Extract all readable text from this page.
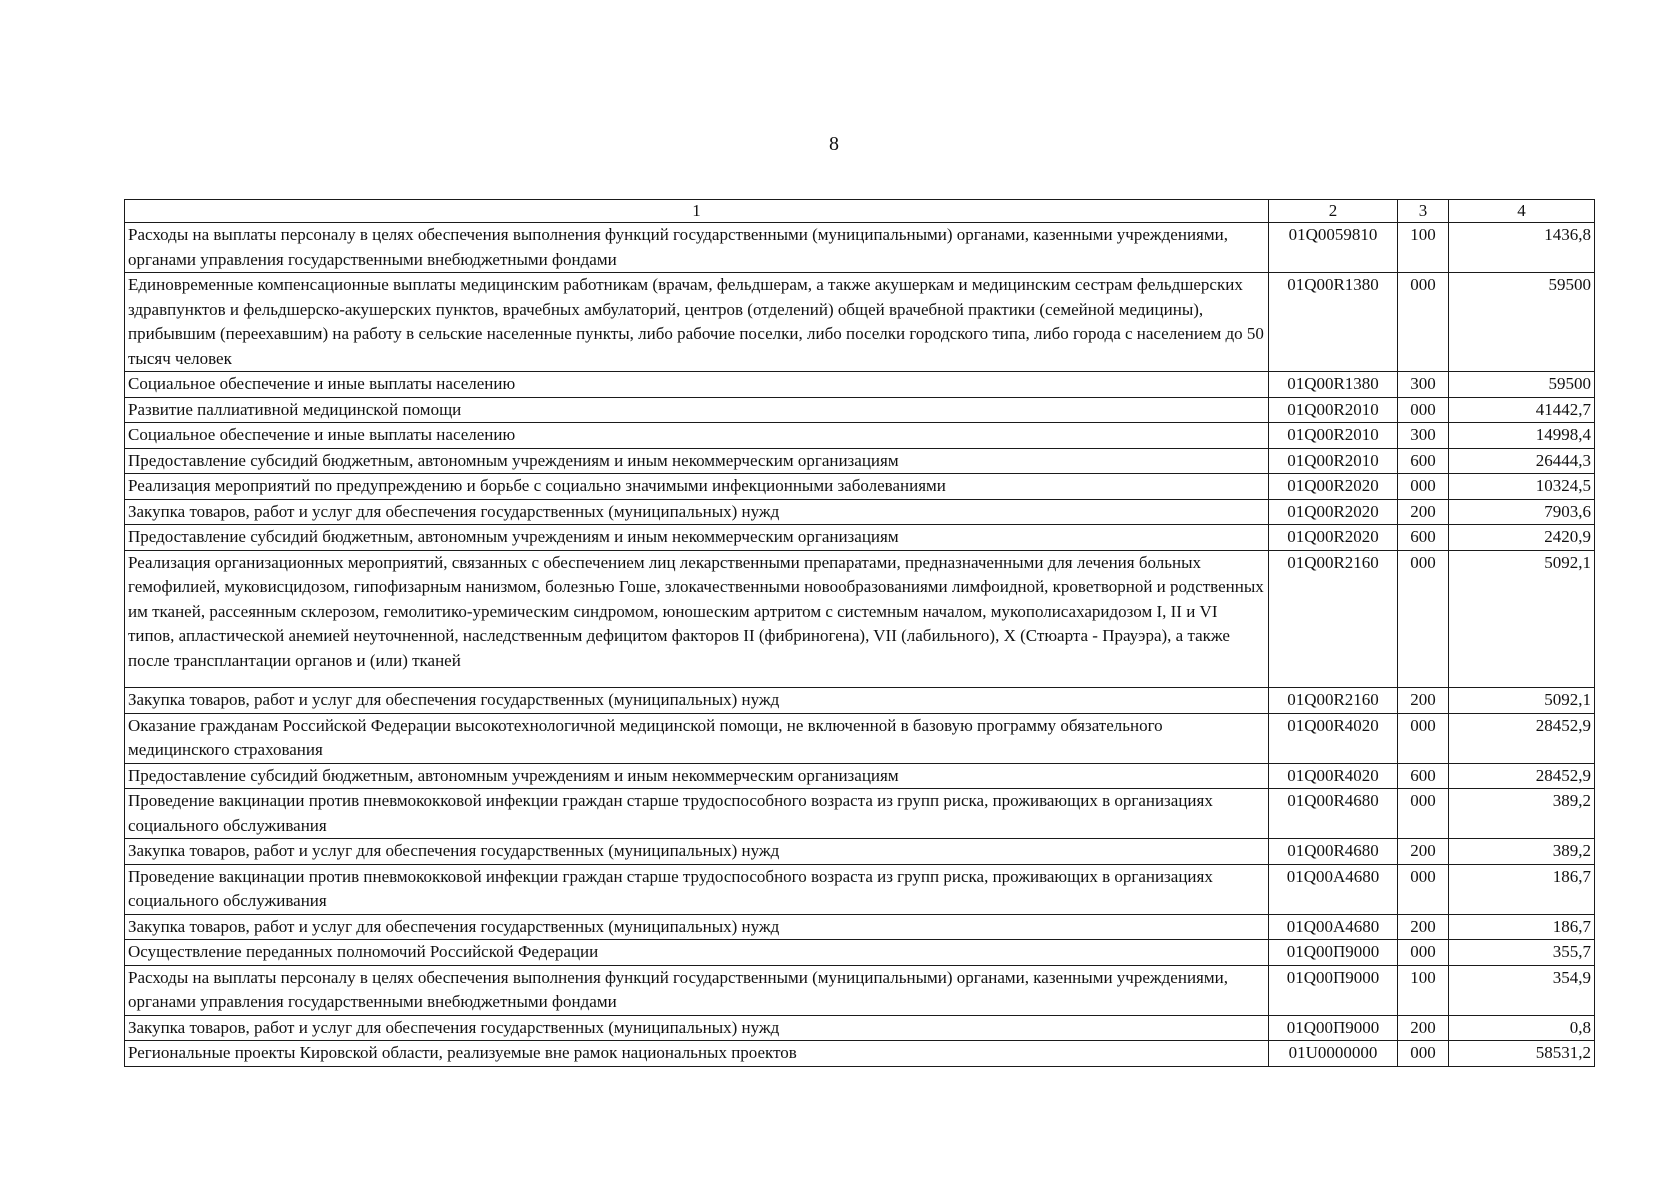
8
1	2	3	4
Расходы на выплаты персоналу в целях обеспечения выполнения функций государственными (муниципальными) органами, казенными учреждениями, органами управления государственными внебюджетными фондами	01Q0059810	100	1436,8
Единовременные компенсационные выплаты медицинским работникам (врачам, фельдшерам, а также акушеркам и медицинским сестрам фельдшерских здравпунктов и фельдшерско-акушерских пунктов, врачебных амбулаторий, центров (отделений) общей врачебной практики (семейной медицины), прибывшим (переехавшим) на работу в сельские населенные пункты, либо рабочие поселки, либо поселки городского типа, либо города с населением до 50 тысяч человек	01Q00R1380	000	59500
Социальное обеспечение и иные выплаты населению	01Q00R1380	300	59500
Развитие паллиативной медицинской помощи	01Q00R2010	000	41442,7
Социальное обеспечение и иные выплаты населению	01Q00R2010	300	14998,4
Предоставление субсидий бюджетным, автономным учреждениям и иным некоммерческим организациям	01Q00R2010	600	26444,3
Реализация мероприятий по предупреждению и борьбе с социально значимыми инфекционными заболеваниями	01Q00R2020	000	10324,5
Закупка товаров, работ и услуг для обеспечения государственных (муниципальных) нужд	01Q00R2020	200	7903,6
Предоставление субсидий бюджетным, автономным учреждениям и иным некоммерческим организациям	01Q00R2020	600	2420,9
Реализация организационных мероприятий, связанных с обеспечением лиц лекарственными препаратами, предназначенными для лечения больных гемофилией, муковисцидозом, гипофизарным нанизмом, болезнью Гоше, злокачественными новообразованиями лимфоидной, кроветворной и родственных им тканей, рассеянным склерозом, гемолитико-уремическим синдромом, юношеским артритом с системным началом, мукополисахаридозом I, II и VI типов, апластической анемией неуточненной, наследственным дефицитом факторов II (фибриногена), VII (лабильного), X (Стюарта - Прауэра), а также после трансплантации органов и (или) тканей	01Q00R2160	000	5092,1
Закупка товаров, работ и услуг для обеспечения государственных (муниципальных) нужд	01Q00R2160	200	5092,1
Оказание гражданам Российской Федерации высокотехнологичной медицинской помощи, не включенной в базовую программу обязательного медицинского страхования	01Q00R4020	000	28452,9
Предоставление субсидий бюджетным, автономным учреждениям и иным некоммерческим организациям	01Q00R4020	600	28452,9
Проведение вакцинации против пневмококковой инфекции граждан старше трудоспособного возраста из групп риска, проживающих в организациях социального обслуживания	01Q00R4680	000	389,2
Закупка товаров, работ и услуг для обеспечения государственных (муниципальных) нужд	01Q00R4680	200	389,2
Проведение вакцинации против пневмококковой инфекции граждан старше трудоспособного возраста из групп риска, проживающих в организациях социального обслуживания	01Q00A4680	000	186,7
Закупка товаров, работ и услуг для обеспечения государственных (муниципальных) нужд	01Q00A4680	200	186,7
Осуществление переданных полномочий Российской Федерации	01Q00П9000	000	355,7
Расходы на выплаты персоналу в целях обеспечения выполнения функций государственными (муниципальными) органами, казенными учреждениями, органами управления государственными внебюджетными фондами	01Q00П9000	100	354,9
Закупка товаров, работ и услуг для обеспечения государственных (муниципальных) нужд	01Q00П9000	200	0,8
Региональные проекты Кировской области, реализуемые вне рамок национальных проектов	01U0000000	000	58531,2
